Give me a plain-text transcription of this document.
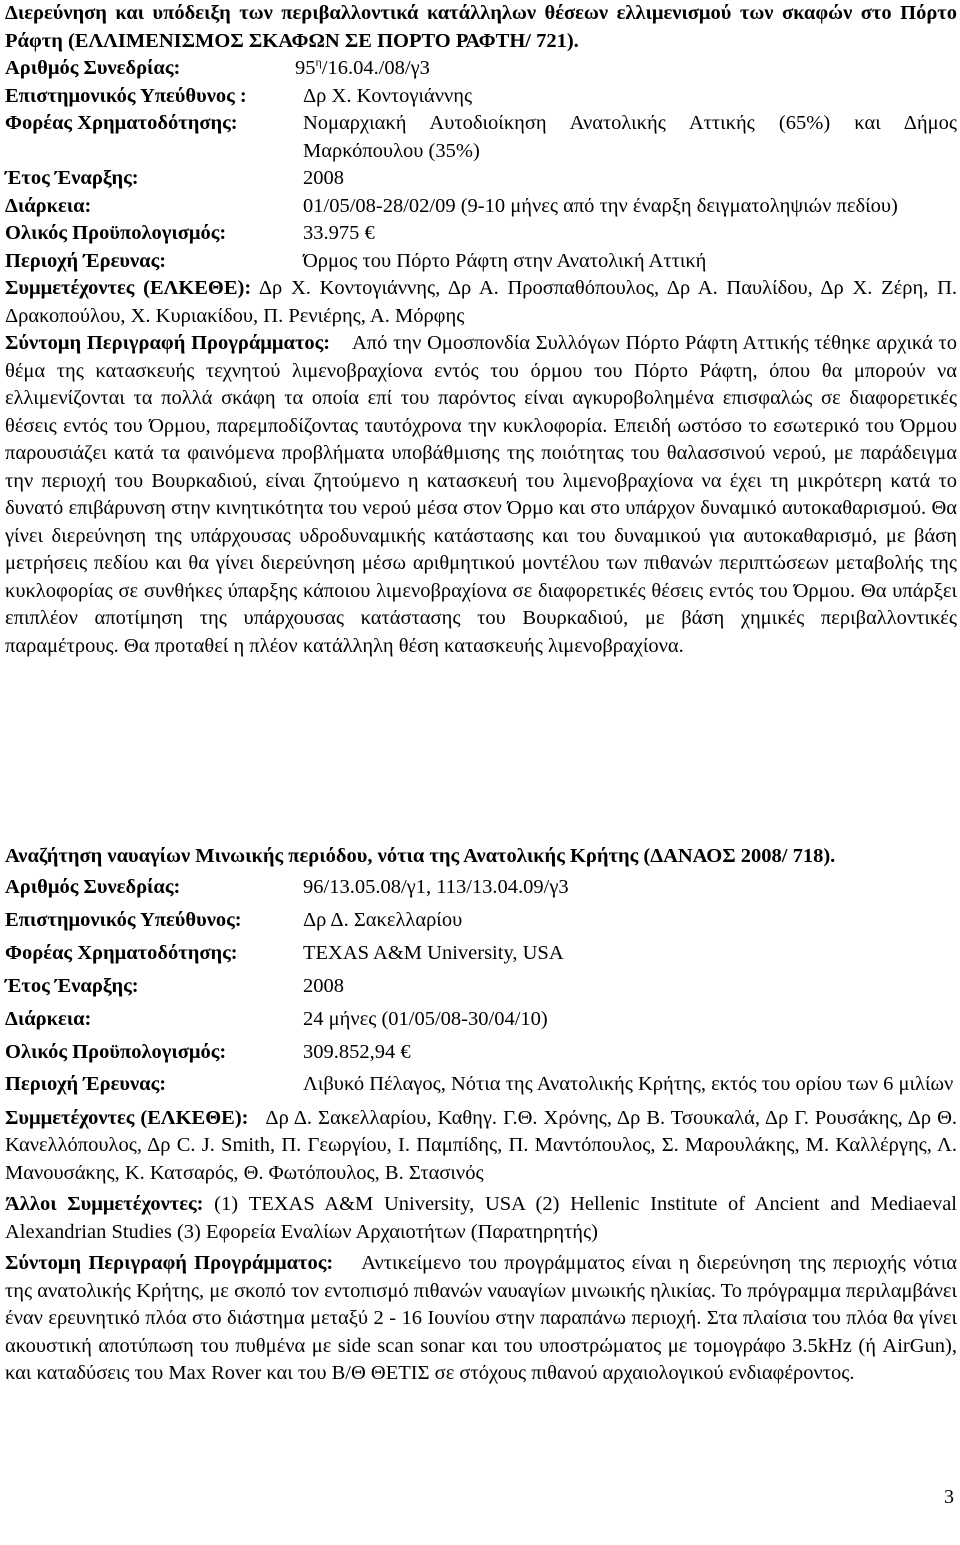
Διερεύνηση και υπόδειξη των περιβαλλοντικά κατάλληλων θέσεων ελλιμενισμού των σκαφών στο Πόρτο Ράφτη (ΕΛΛΙΜΕΝΙΣΜΟΣ ΣΚΑΦΩΝ ΣΕ ΠΟΡΤΟ ΡΑΦΤΗ/ 721).

Αριθμός Συνεδρίας:	$95^\eta/16.04./08/\gamma 3$
Επιστημονικός Υπεύθυνος :	Δρ Χ. Κοντογιάννης
Φορέας Χρηματοδότησης:	Νομαρχιακή Αυτοδιοίκηση Ανατολικής Αττικής (65%) και Δήμος Μαρκόπουλου (35%)
Έτος Έναρξης:	2008
Διάρκεια:	01/05/08-28/02/09 (9-10 μήνες από την έναρξη δειγματοληψιών πεδίου)
Ολικός Προϋπολογισμός:	33.975 €
Περιοχή Έρευνας:	Όρμος του Πόρτο Ράφτη στην Ανατολική Αττική

Συμμετέχοντες (ΕΛΚΕΘΕ): Δρ Χ. Κοντογιάννης, Δρ Α. Προσπαθόπουλος, Δρ Α. Παυλίδου, Δρ Χ. Ζέρη, Π. Δρακοπούλου, Χ. Κυριακίδου, Π. Ρενιέρης, Α. Μόρφης

Σύντομη Περιγραφή Προγράμματος: Από την Ομοσπονδία Συλλόγων Πόρτο Ράφτη Αττικής τέθηκε αρχικά το θέμα της κατασκευής τεχνητού λιμενοβραχίονα εντός του όρμου του Πόρτο Ράφτη, όπου θα μπορούν να ελλιμενίζονται τα πολλά σκάφη τα οποία επί του παρόντος είναι αγκυροβολημένα επισφαλώς σε διαφορετικές θέσεις εντός του Όρμου, παρεμποδίζοντας ταυτόχρονα την κυκλοφορία. Επειδή ωστόσο το εσωτερικό του Όρμου παρουσιάζει κατά τα φαινόμενα προβλήματα υποβάθμισης της ποιότητας του θαλασσινού νερού, με παράδειγμα την περιοχή του Βουρκαδιού, είναι ζητούμενο η κατασκευή του λιμενοβραχίονα να έχει τη μικρότερη κατά το δυνατό επιβάρυνση στην κινητικότητα του νερού μέσα στον Όρμο και στο υπάρχον δυναμικό αυτοκαθαρισμού. Θα γίνει διερεύνηση της υπάρχουσας υδροδυναμικής κατάστασης και του δυναμικού για αυτοκαθαρισμό, με βάση μετρήσεις πεδίου και θα γίνει διερεύνηση μέσω αριθμητικού μοντέλου των πιθανών περιπτώσεων μεταβολής της κυκλοφορίας σε συνθήκες ύπαρξης κάποιου λιμενοβραχίονα σε διαφορετικές θέσεις εντός του Όρμου. Θα υπάρξει επιπλέον αποτίμηση της υπάρχουσας κατάστασης του Βουρκαδιού, με βάση χημικές περιβαλλοντικές παραμέτρους. Θα προταθεί η πλέον κατάλληλη θέση κατασκευής λιμενοβραχίονα.

Αναζήτηση ναυαγίων Μινωικής περιόδου, νότια της Ανατολικής Κρήτης (ΔΑΝΑΟΣ 2008/ 718).

Αριθμός Συνεδρίας:	96/13.05.08/γ1, 113/13.04.09/γ3
Επιστημονικός Υπεύθυνος:	Δρ Δ. Σακελλαρίου
Φορέας Χρηματοδότησης:	TEXAS A&M University, USA
Έτος Έναρξης:	2008
Διάρκεια:	24 μήνες (01/05/08-30/04/10)
Ολικός Προϋπολογισμός:	309.852,94 €
Περιοχή Έρευνας:	Λιβυκό Πέλαγος, Νότια της Ανατολικής Κρήτης, εκτός του ορίου των 6 μιλίων

Συμμετέχοντες (ΕΛΚΕΘΕ): Δρ Δ. Σακελλαρίου, Καθηγ. Γ.Θ. Χρόνης, Δρ Β. Τσουκαλά, Δρ Γ. Ρουσάκης, Δρ Θ. Κανελλόπουλος, Δρ C. J. Smith, Π. Γεωργίου, Ι. Παμπίδης, Π. Μαντόπουλος, Σ. Μαρουλάκης, Μ. Καλλέργης, Λ. Μανουσάκης, Κ. Κατσαρός, Θ. Φωτόπουλος, Β. Στασινός

Άλλοι Συμμετέχοντες: (1) TEXAS A&M University, USA (2) Hellenic Institute of Ancient and Mediaeval Alexandrian Studies (3) Εφορεία Εναλίων Αρχαιοτήτων (Παρατηρητής)

Σύντομη Περιγραφή Προγράμματος: Αντικείμενο του προγράμματος είναι η διερεύνηση της περιοχής νότια της ανατολικής Κρήτης, με σκοπό τον εντοπισμό πιθανών ναυαγίων μινωικής ηλικίας. Το πρόγραμμα περιλαμβάνει έναν ερευνητικό πλόα στο διάστημα μεταξύ 2 - 16 Ιουνίου στην παραπάνω περιοχή. Στα πλαίσια του πλόα θα γίνει ακουστική αποτύπωση του πυθμένα με side scan sonar και του υποστρώματος με τομογράφο 3.5kHz (ή AirGun), και καταδύσεις του Max Rover και του Β/Θ ΘΕΤΙΣ σε στόχους πιθανού αρχαιολογικού ενδιαφέροντος.

3
